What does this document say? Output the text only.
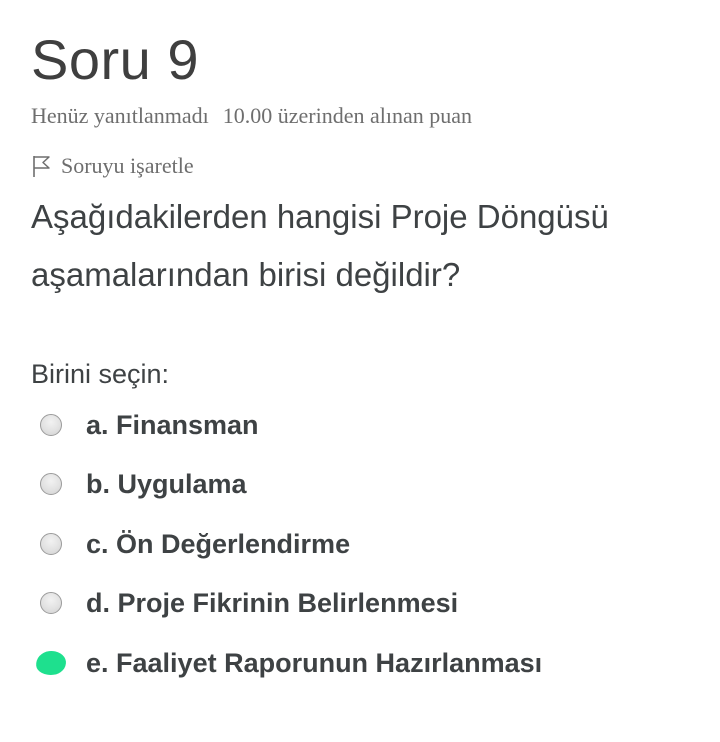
Soru 9
Henüz yanıtlanmadı 10.00 üzerinden alınan puan
Soruyu işaretle
Aşağıdakilerden hangisi Proje Döngüsü aşamalarından birisi değildir?
Birini seçin:
a. Finansman
b. Uygulama
c. Ön Değerlendirme
d. Proje Fikrinin Belirlenmesi
e. Faaliyet Raporunun Hazırlanması
